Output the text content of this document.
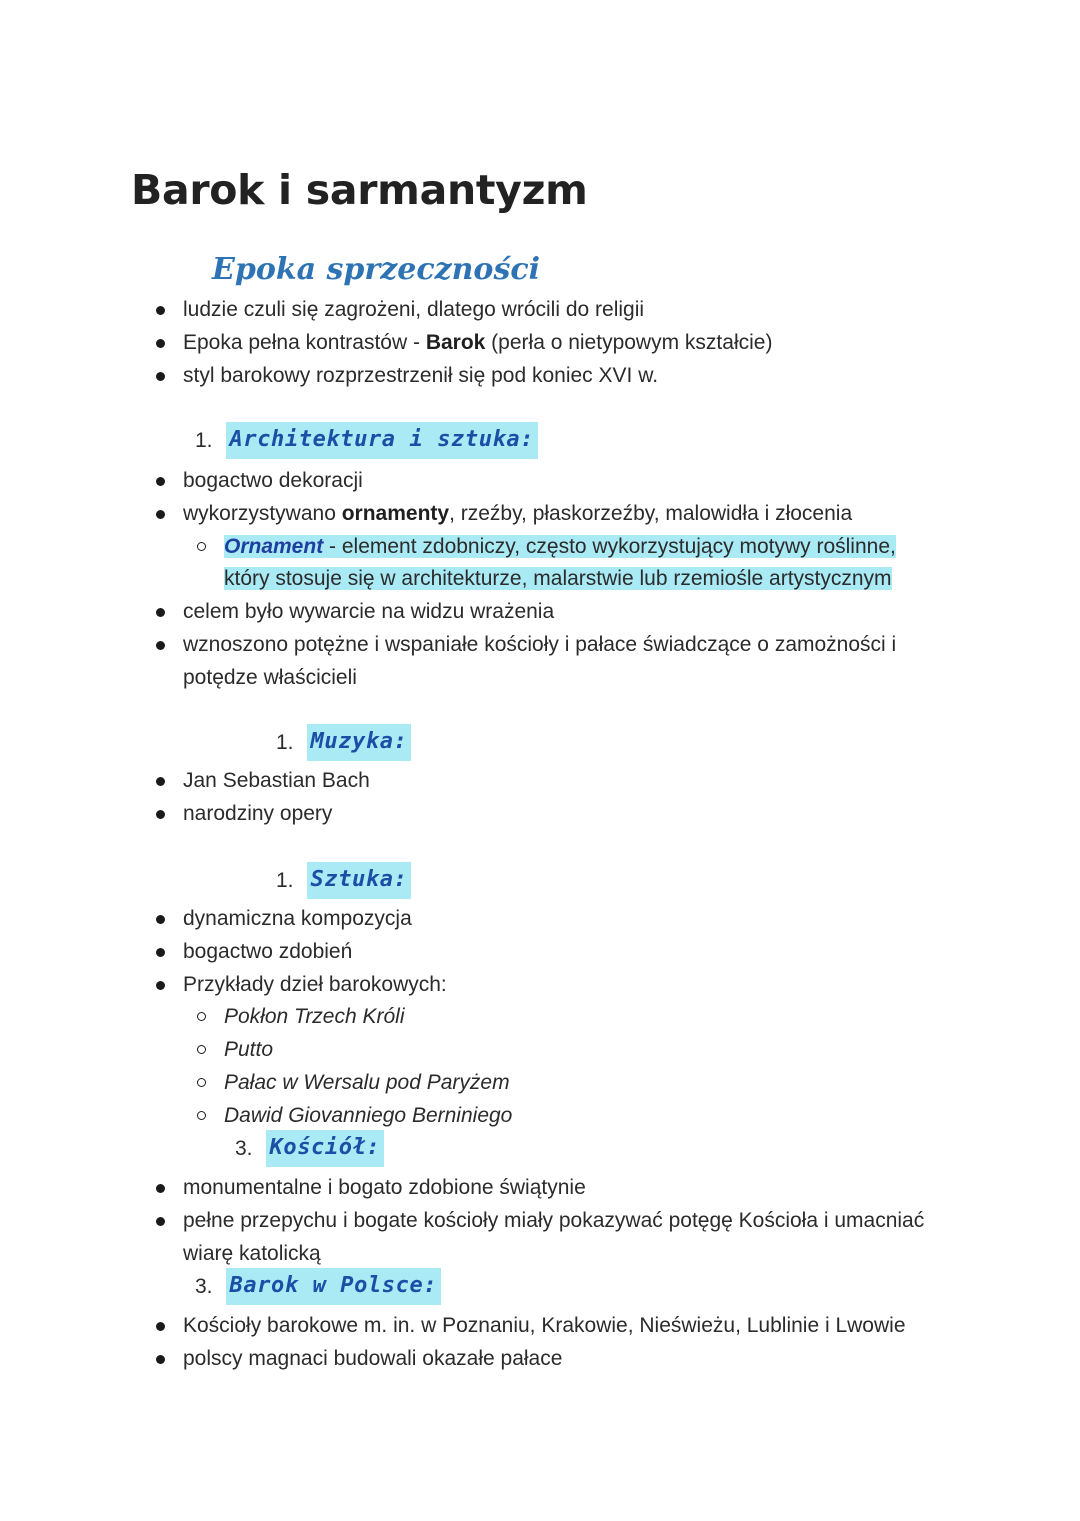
Barok i sarmantyzm
Epoka sprzeczności
ludzie czuli się zagrożeni, dlatego wrócili do religii
Epoka pełna kontrastów - Barok (perła o nietypowym kształcie)
styl barokowy rozprzestrzenił się pod koniec XVI w.
1. Architektura i sztuka:
bogactwo dekoracji
wykorzystywano ornamenty, rzeźby, płaskorzeźby, malowidła i złocenia
Ornament - element zdobniczy, często wykorzystujący motywy roślinne,
który stosuje się w architekturze, malarstwie lub rzemiośle artystycznym
celem było wywarcie na widzu wrażenia
wznoszono potężne i wspaniałe kościoły i pałace świadczące o zamożności i potędze właścicieli
1. Muzyka:
Jan Sebastian Bach
narodziny opery
1. Sztuka:
dynamiczna kompozycja
bogactwo zdobień
Przykłady dzieł barokowych:
Pokłon Trzech Króli
Putto
Pałac w Wersalu pod Paryżem
Dawid Giovanniego Berniniego
3. Kościół:
monumentalne i bogato zdobione świątynie
pełne przepychu i bogate kościoły miały pokazywać potęgę Kościoła i umacniać wiarę katolicką
3. Barok w Polsce:
Kościoły barokowe m. in. w Poznaniu, Krakowie, Nieświeżu, Lublinie i Lwowie
polscy magnaci budowali okazałe pałace
